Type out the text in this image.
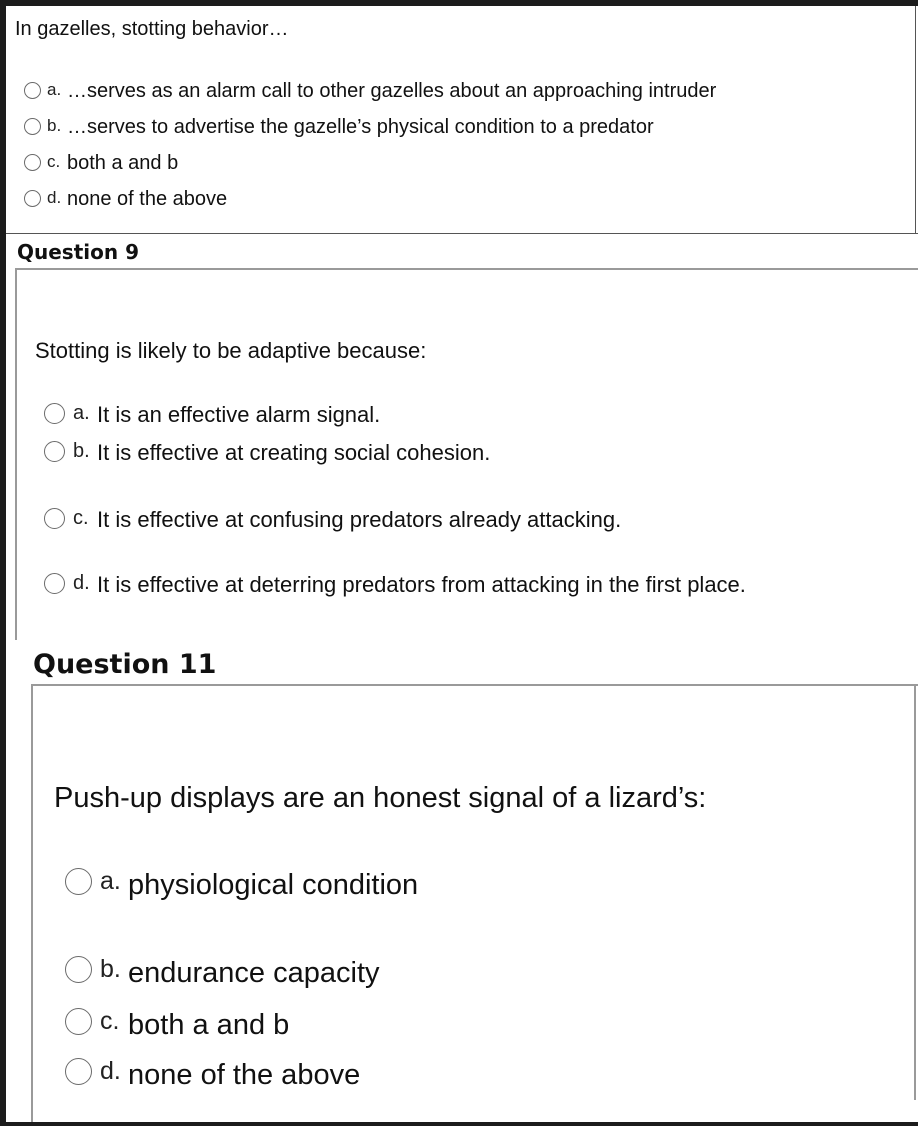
In gazelles, stotting behavior…
a. …serves as an alarm call to other gazelles about an approaching intruder
b. …serves to advertise the gazelle’s physical condition to a predator
c. both a and b
d. none of the above
Question 9
Stotting is likely to be adaptive because:
a. It is an effective alarm signal.
b. It is effective at creating social cohesion.
c. It is effective at confusing predators already attacking.
d. It is effective at deterring predators from attacking in the first place.
Question 11
Push-up displays are an honest signal of a lizard’s:
a. physiological condition
b. endurance capacity
c. both a and b
d. none of the above
